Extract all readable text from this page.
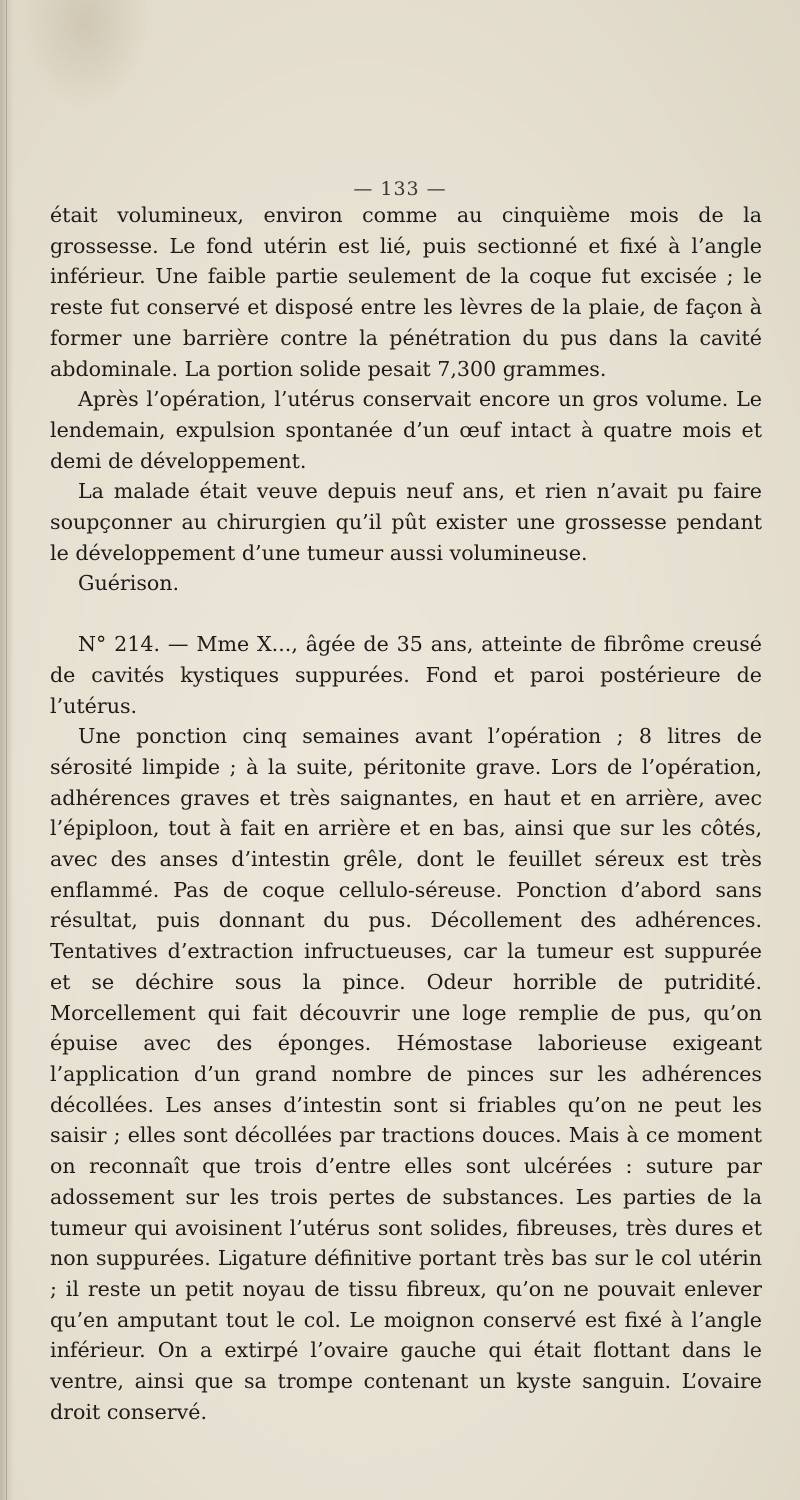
— 133 —

était volumineux, environ comme au cinquième mois de la grossesse. Le fond utérin est lié, puis sectionné et fixé à l’angle inférieur. Une faible partie seulement de la coque fut excisée ; le reste fut conservé et disposé entre les lèvres de la plaie, de façon à former une barrière contre la pénétration du pus dans la cavité abdominale. La portion solide pesait 7,300 grammes.

Après l’opération, l’utérus conservait encore un gros volume. Le lendemain, expulsion spontanée d’un œuf intact à quatre mois et demi de développement.

La malade était veuve depuis neuf ans, et rien n’avait pu faire soupçonner au chirurgien qu’il pût exister une grossesse pendant le développement d’une tumeur aussi volumineuse.

Guérison.

N° 214. — Mme X..., âgée de 35 ans, atteinte de fibrôme creusé de cavités kystiques suppurées. Fond et paroi postérieure de l’utérus.

Une ponction cinq semaines avant l’opération ; 8 litres de sérosité limpide ; à la suite, péritonite grave. Lors de l’opération, adhérences graves et très saignantes, en haut et en arrière, avec l’épiploon, tout à fait en arrière et en bas, ainsi que sur les côtés, avec des anses d’intestin grêle, dont le feuillet séreux est très enflammé. Pas de coque cellulo-séreuse. Ponction d’abord sans résultat, puis donnant du pus. Décollement des adhérences. Tentatives d’extraction infructueuses, car la tumeur est suppurée et se déchire sous la pince. Odeur horrible de putridité. Morcellement qui fait découvrir une loge remplie de pus, qu’on épuise avec des éponges. Hémostase laborieuse exigeant l’application d’un grand nombre de pinces sur les adhérences décollées. Les anses d’intestin sont si friables qu’on ne peut les saisir ; elles sont décollées par tractions douces. Mais à ce moment on reconnaît que trois d’entre elles sont ulcérées : suture par adossement sur les trois pertes de substances. Les parties de la tumeur qui avoisinent l’utérus sont solides, fibreuses, très dures et non suppurées. Ligature définitive portant très bas sur le col utérin ; il reste un petit noyau de tissu fibreux, qu’on ne pouvait enlever qu’en amputant tout le col. Le moignon conservé est fixé à l’angle inférieur. On a extirpé l’ovaire gauche qui était flottant dans le ventre, ainsi que sa trompe contenant un kyste sanguin. L’ovaire droit conservé.
